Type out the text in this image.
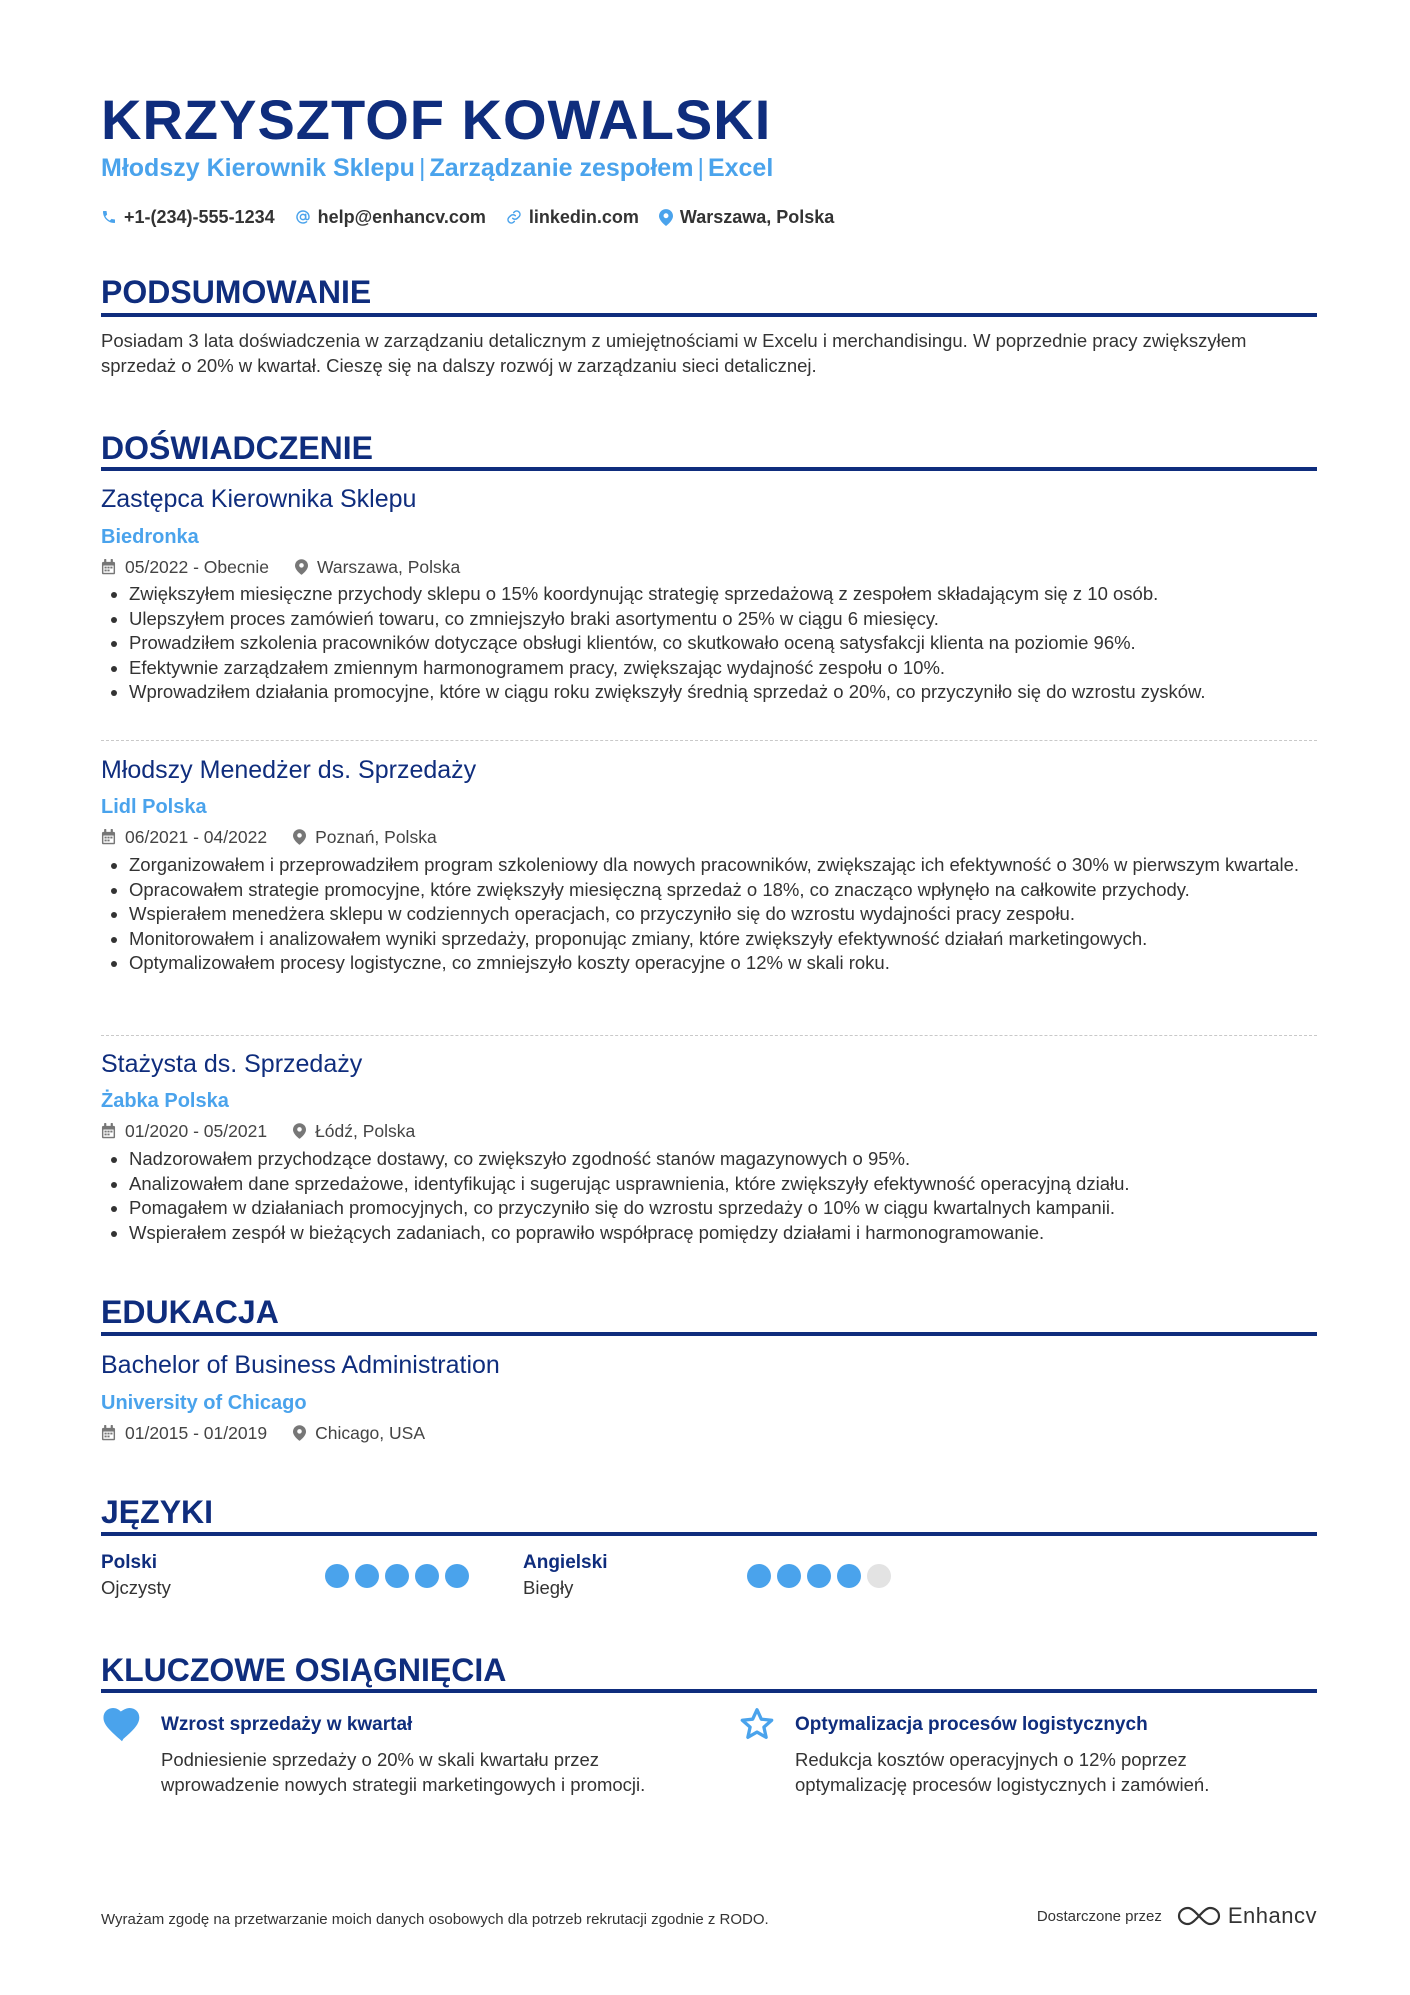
KRZYSZTOF KOWALSKI
Młodszy Kierownik Sklepu | Zarządzanie zespołem | Excel
+1-(234)-555-1234 help@enhancv.com linkedin.com Warszawa, Polska
PODSUMOWANIE
Posiadam 3 lata doświadczenia w zarządzaniu detalicznym z umiejętnościami w Excelu i merchandisingu. W poprzednie pracy zwiększyłem sprzedaż o 20% w kwartał. Cieszę się na dalszy rozwój w zarządzaniu sieci detalicznej.
DOŚWIADCZENIE
Zastępca Kierownika Sklepu
Biedronka
05/2022 - Obecnie	Warszawa, Polska
• Zwiększyłem miesięczne przychody sklepu o 15% koordynując strategię sprzedażową z zespołem składającym się z 10 osób.
• Ulepszyłem proces zamówień towaru, co zmniejszyło braki asortymentu o 25% w ciągu 6 miesięcy.
• Prowadziłem szkolenia pracowników dotyczące obsługi klientów, co skutkowało oceną satysfakcji klienta na poziomie 96%.
• Efektywnie zarządzałem zmiennym harmonogramem pracy, zwiększając wydajność zespołu o 10%.
• Wprowadziłem działania promocyjne, które w ciągu roku zwiększyły średnią sprzedaż o 20%, co przyczyniło się do wzrostu zysków.
Młodszy Menedżer ds. Sprzedaży
Lidl Polska
06/2021 - 04/2022	Poznań, Polska
• Zorganizowałem i przeprowadziłem program szkoleniowy dla nowych pracowników, zwiększając ich efektywność o 30% w pierwszym kwartale.
• Opracowałem strategie promocyjne, które zwiększyły miesięczną sprzedaż o 18%, co znacząco wpłynęło na całkowite przychody.
• Wspierałem menedżera sklepu w codziennych operacjach, co przyczyniło się do wzrostu wydajności pracy zespołu.
• Monitorowałem i analizowałem wyniki sprzedaży, proponując zmiany, które zwiększyły efektywność działań marketingowych.
• Optymalizowałem procesy logistyczne, co zmniejszyło koszty operacyjne o 12% w skali roku.
Stażysta ds. Sprzedaży
Żabka Polska
01/2020 - 05/2021	Łódź, Polska
• Nadzorowałem przychodzące dostawy, co zwiększyło zgodność stanów magazynowych o 95%.
• Analizowałem dane sprzedażowe, identyfikując i sugerując usprawnienia, które zwiększyły efektywność operacyjną działu.
• Pomagałem w działaniach promocyjnych, co przyczyniło się do wzrostu sprzedaży o 10% w ciągu kwartalnych kampanii.
• Wspierałem zespół w bieżących zadaniach, co poprawiło współpracę pomiędzy działami i harmonogramowanie.
EDUKACJA
Bachelor of Business Administration
University of Chicago
01/2015 - 01/2019	Chicago, USA
JĘZYKI
Polski
Ojczysty
Angielski
Biegły
KLUCZOWE OSIĄGNIĘCIA
Wzrost sprzedaży w kwartał
Podniesienie sprzedaży o 20% w skali kwartału przez wprowadzenie nowych strategii marketingowych i promocji.
Optymalizacja procesów logistycznych
Redukcja kosztów operacyjnych o 12% poprzez optymalizację procesów logistycznych i zamówień.
Wyrażam zgodę na przetwarzanie moich danych osobowych dla potrzeb rekrutacji zgodnie z RODO.	Dostarczone przez	Enhancv
